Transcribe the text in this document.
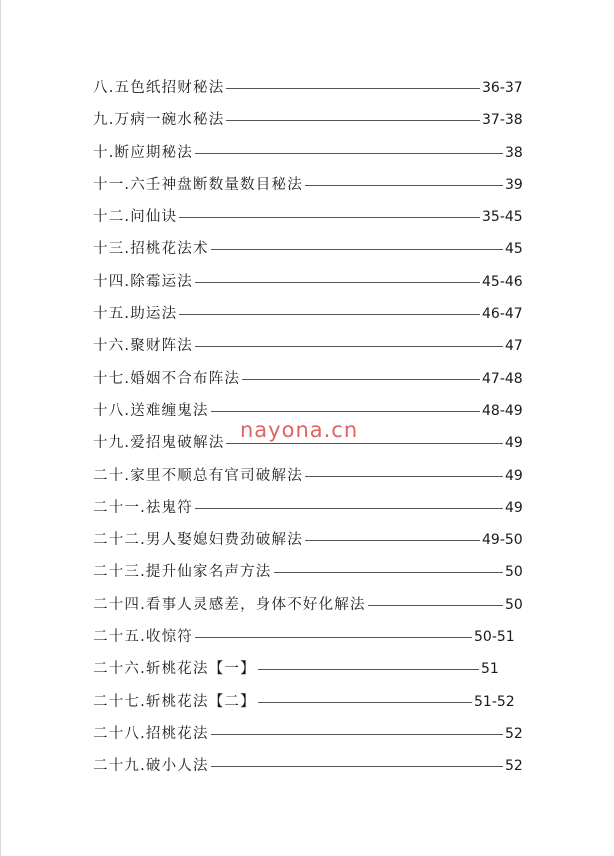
八.五色纸招财秘法	36-37
九.万病一碗水秘法	37-38
十.断应期秘法	38
十一.六壬神盘断数量数目秘法	39
十二.问仙诀	35-45
十三.招桃花法术	45
十四.除霉运法	45-46
十五.助运法	46-47
十六.聚财阵法	47
十七.婚姻不合布阵法	47-48
十八.送难缠鬼法	48-49
十九.爱招鬼破解法	49
二十.家里不顺总有官司破解法	49
二十一.祛鬼符	49
二十二.男人娶媳妇费劲破解法	49-50
二十三.提升仙家名声方法	50
二十四.看事人灵感差，身体不好化解法	50
二十五.收惊符	50-51
二十六.斩桃花法【一】	51
二十七.斩桃花法【二】	51-52
二十八.招桃花法	52
二十九.破小人法	52
nayona.cn
